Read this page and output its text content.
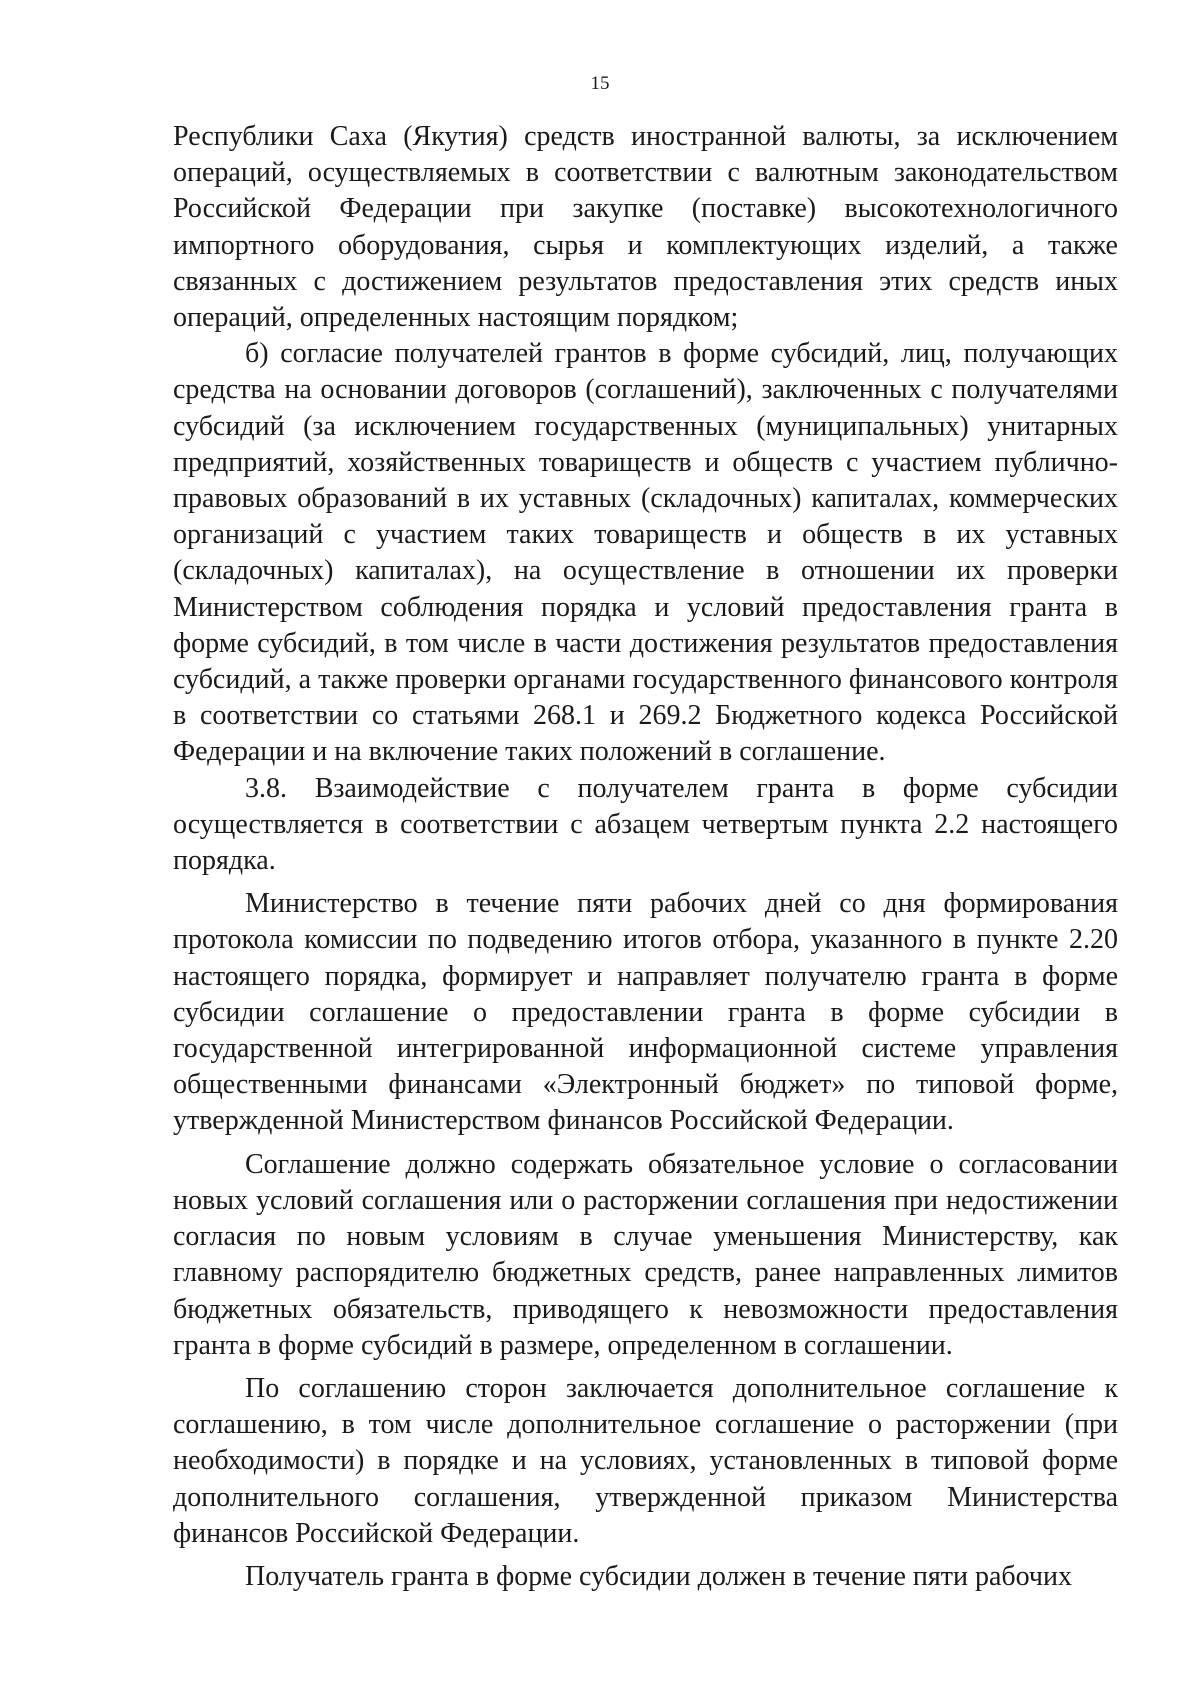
15

Республики Саха (Якутия) средств иностранной валюты, за исключением операций, осуществляемых в соответствии с валютным законодательством Российской Федерации при закупке (поставке) высокотехнологичного импортного оборудования, сырья и комплектующих изделий, а также связанных с достижением результатов предоставления этих средств иных операций, определенных настоящим порядком;

б) согласие получателей грантов в форме субсидий, лиц, получающих средства на основании договоров (соглашений), заключенных с получателями субсидий (за исключением государственных (муниципальных) унитарных предприятий, хозяйственных товариществ и обществ с участием публично-правовых образований в их уставных (складочных) капиталах, коммерческих организаций с участием таких товариществ и обществ в их уставных (складочных) капиталах), на осуществление в отношении их проверки Министерством соблюдения порядка и условий предоставления гранта в форме субсидий, в том числе в части достижения результатов предоставления субсидий, а также проверки органами государственного финансового контроля в соответствии со статьями 268.1 и 269.2 Бюджетного кодекса Российской Федерации и на включение таких положений в соглашение.

3.8. Взаимодействие с получателем гранта в форме субсидии осуществляется в соответствии с абзацем четвертым пункта 2.2 настоящего порядка.

Министерство в течение пяти рабочих дней со дня формирования протокола комиссии по подведению итогов отбора, указанного в пункте 2.20 настоящего порядка, формирует и направляет получателю гранта в форме субсидии соглашение о предоставлении гранта в форме субсидии в государственной интегрированной информационной системе управления общественными финансами «Электронный бюджет» по типовой форме, утвержденной Министерством финансов Российской Федерации.

Соглашение должно содержать обязательное условие о согласовании новых условий соглашения или о расторжении соглашения при недостижении согласия по новым условиям в случае уменьшения Министерству, как главному распорядителю бюджетных средств, ранее направленных лимитов бюджетных обязательств, приводящего к невозможности предоставления гранта в форме субсидий в размере, определенном в соглашении.

По соглашению сторон заключается дополнительное соглашение к соглашению, в том числе дополнительное соглашение о расторжении (при необходимости) в порядке и на условиях, установленных в типовой форме дополнительного соглашения, утвержденной приказом Министерства финансов Российской Федерации.

Получатель гранта в форме субсидии должен в течение пяти рабочих
